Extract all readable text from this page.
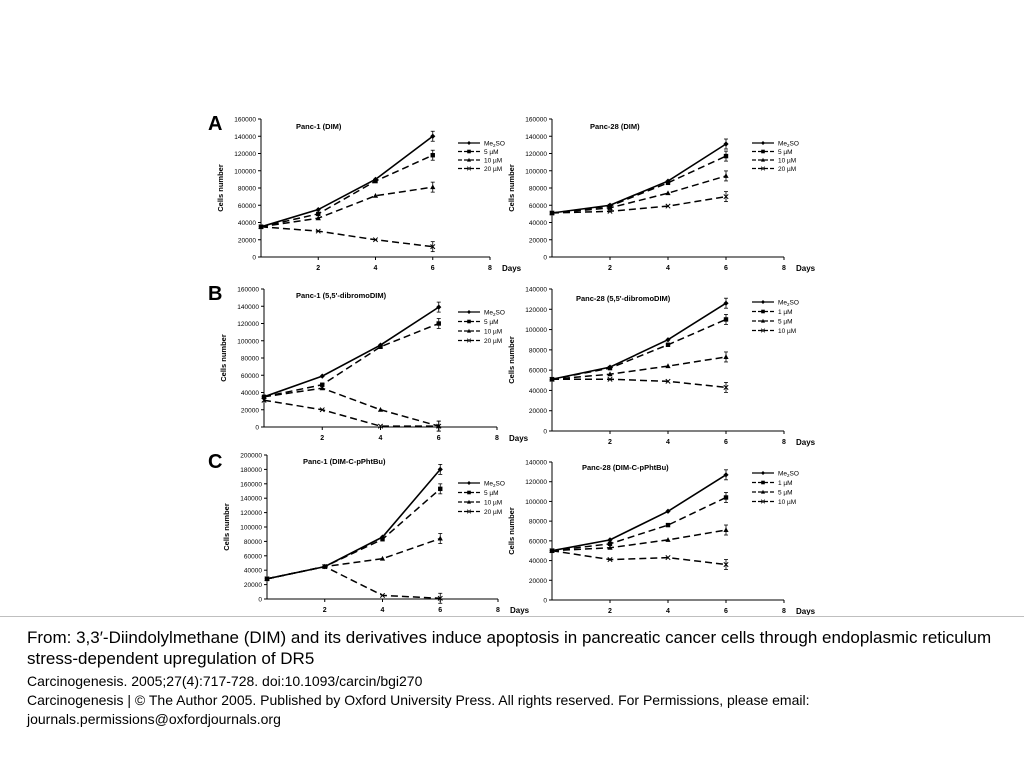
A
0
20000
40000
60000
80000
100000
120000
140000
160000
2	4	6	8 Days
Cells number
Panc-1 (DIM)
$Me_2SO$
5 µM
10 µM
20 µM
0
20000
40000
60000
80000
100000
120000
140000
160000
2	4	6	8 Days
Cells number
Panc-28 (DIM)
$Me_2SO$
5 µM
10 µM
20 µM
B
0
20000
40000
60000
80000
100000
120000
140000
160000
2	4	6	8 Days
Cells number
Panc-1 (5,5'-dibromoDIM)
$Me_2SO$
5 µM
10 µM
20 µM
0
20000
40000
60000
80000
100000
120000
140000
2	4	6	8 Days
Cells number
Panc-28 (5,5'-dibromoDIM)	$Me_2SO$
1 µM
5 µM
10 µM
C
0
20000
40000
60000
80000
100000
120000
140000
160000
180000
200000
2	4	6	8 Days
Cells number
Panc-1 (DIM-C-pPhtBu)
$Me_2SO$
5 µM
10 µM
20 µM
0
20000
40000
60000
80000
100000
120000
140000
2	4	6	8 Days
Cells number
Panc-28 (DIM-C-pPhtBu)
$Me_2SO$
1 µM
5 µM
10 µM

From: 3,3′-Diindolylmethane (DIM) and its derivatives induce apoptosis in pancreatic cancer cells through endoplasmic reticulum stress-dependent upregulation of DR5

Carcinogenesis. 2005;27(4):717-728. doi:10.1093/carcin/bgi270

Carcinogenesis | © The Author 2005. Published by Oxford University Press. All rights reserved. For Permissions, please email: journals.permissions@oxfordjournals.org
